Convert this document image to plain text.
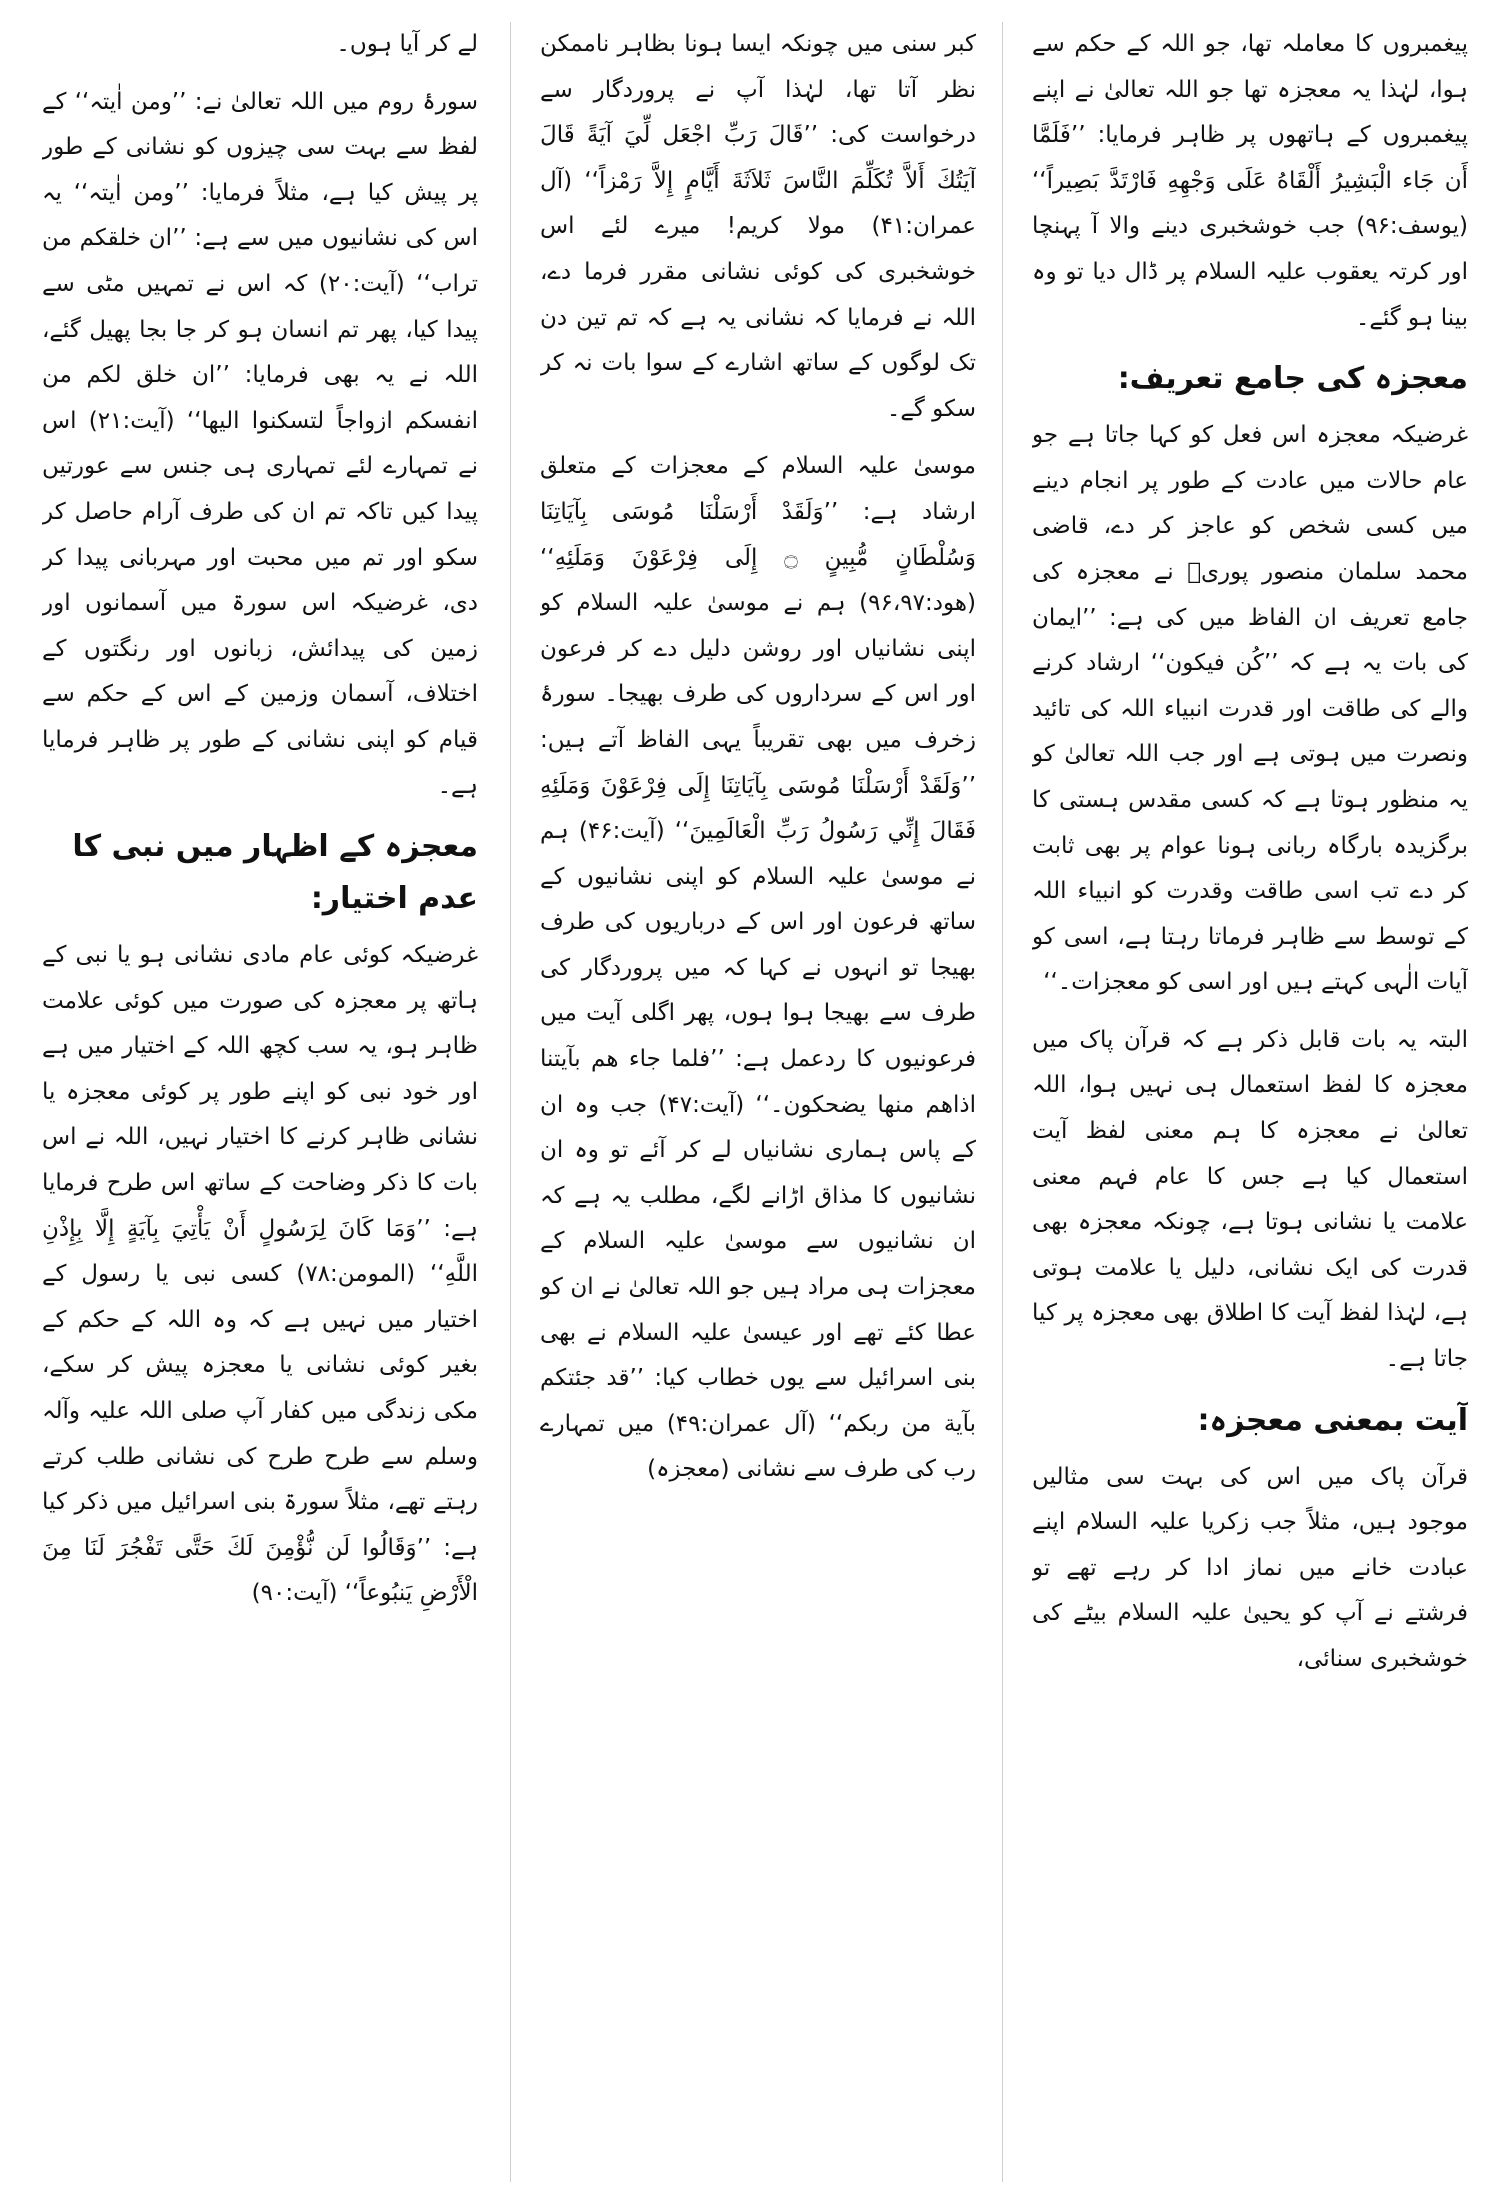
پیغمبروں کا معاملہ تھا، جو اللہ کے حکم سے ہوا، لہٰذا یہ معجزہ تھا جو اللہ تعالیٰ نے اپنے پیغمبروں کے ہاتھوں پر ظاہر فرمایا: ’’فَلَمَّا أَن جَاء الْبَشِيرُ أَلْقَاهُ عَلَى وَجْهِهِ فَارْتَدَّ بَصِيراً‘‘ (یوسف:۹۶) جب خوشخبری دینے والا آ پہنچا اور کرتہ یعقوب علیہ السلام پر ڈال دیا تو وہ بینا ہو گئے۔

معجزہ کی جامع تعریف:

غرضیکہ معجزہ اس فعل کو کہا جاتا ہے جو عام حالات میں عادت کے طور پر انجام دینے میں کسی شخص کو عاجز کر دے، قاضی محمد سلمان منصور پوریؒ نے معجزہ کی جامع تعریف ان الفاظ میں کی ہے: ’’ایمان کی بات یہ ہے کہ ’’کُن فیکون‘‘ ارشاد کرنے والے کی طاقت اور قدرت انبیاء اللہ کی تائید ونصرت میں ہوتی ہے اور جب اللہ تعالیٰ کو یہ منظور ہوتا ہے کہ کسی مقدس ہستی کا برگزیدہ بارگاہ ربانی ہونا عوام پر بھی ثابت کر دے تب اسی طاقت وقدرت کو انبیاء اللہ کے توسط سے ظاہر فرماتا رہتا ہے، اسی کو آیات الٰہی کہتے ہیں اور اسی کو معجزات۔‘‘

البتہ یہ بات قابل ذکر ہے کہ قرآن پاک میں معجزہ کا لفظ استعمال ہی نہیں ہوا، اللہ تعالیٰ نے معجزہ کا ہم معنی لفظ آیت استعمال کیا ہے جس کا عام فہم معنی علامت یا نشانی ہوتا ہے، چونکہ معجزہ بھی قدرت کی ایک نشانی، دلیل یا علامت ہوتی ہے، لہٰذا لفظ آیت کا اطلاق بھی معجزہ پر کیا جاتا ہے۔

آیت بمعنی معجزہ:

قرآن پاک میں اس کی بہت سی مثالیں موجود ہیں، مثلاً جب زکریا علیہ السلام اپنے عبادت خانے میں نماز ادا کر رہے تھے تو فرشتے نے آپ کو یحییٰ علیہ السلام بیٹے کی خوشخبری سنائی،

کبر سنی میں چونکہ ایسا ہونا بظاہر ناممکن نظر آتا تھا، لہٰذا آپ نے پروردگار سے درخواست کی: ’’قَالَ رَبِّ اجْعَل لِّيَ آيَةً قَالَ آيَتُكَ أَلاَّ تُكَلِّمَ النَّاسَ ثَلاَثَةَ أَيَّامٍ إِلاَّ رَمْزاً‘‘ (آل عمران:۴۱) مولا کریم! میرے لئے اس خوشخبری کی کوئی نشانی مقرر فرما دے، اللہ نے فرمایا کہ نشانی یہ ہے کہ تم تین دن تک لوگوں کے ساتھ اشارے کے سوا بات نہ کر سکو گے۔

موسیٰ علیہ السلام کے معجزات کے متعلق ارشاد ہے: ’’وَلَقَدْ أَرْسَلْنَا مُوسَى بِآيَاتِنَا وَسُلْطَانٍ مُّبِينٍ ۝ إِلَى فِرْعَوْنَ وَمَلَئِهِ‘‘ (هود:۹۶،۹۷) ہم نے موسیٰ علیہ السلام کو اپنی نشانیاں اور روشن دلیل دے کر فرعون اور اس کے سرداروں کی طرف بھیجا۔ سورۂ زخرف میں بھی تقریباً یہی الفاظ آتے ہیں: ’’وَلَقَدْ أَرْسَلْنَا مُوسَى بِآيَاتِنَا إِلَى فِرْعَوْنَ وَمَلَئِهِ فَقَالَ إِنِّي رَسُولُ رَبِّ الْعَالَمِينَ‘‘ (آیت:۴۶) ہم نے موسیٰ علیہ السلام کو اپنی نشانیوں کے ساتھ فرعون اور اس کے درباریوں کی طرف بھیجا تو انہوں نے کہا کہ میں پروردگار کی طرف سے بھیجا ہوا ہوں، پھر اگلی آیت میں فرعونیوں کا ردعمل ہے: ’’فلما جاء هم بآیتنا اذاهم منها یضحکون۔‘‘ (آیت:۴۷) جب وہ ان کے پاس ہماری نشانیاں لے کر آئے تو وہ ان نشانیوں کا مذاق اڑانے لگے، مطلب یہ ہے کہ ان نشانیوں سے موسیٰ علیہ السلام کے معجزات ہی مراد ہیں جو اللہ تعالیٰ نے ان کو عطا کئے تھے اور عیسیٰ علیہ السلام نے بھی بنی اسرائیل سے یوں خطاب کیا: ’’قد جئتکم بآية من ربکم‘‘ (آل عمران:۴۹) میں تمہارے رب کی طرف سے نشانی (معجزہ)

لے کر آیا ہوں۔

سورۂ روم میں اللہ تعالیٰ نے: ’’ومن اٰیتہ‘‘ کے لفظ سے بہت سی چیزوں کو نشانی کے طور پر پیش کیا ہے، مثلاً فرمایا: ’’ومن اٰیتہ‘‘ یہ اس کی نشانیوں میں سے ہے: ’’ان خلقکم من تراب‘‘ (آیت:۲۰) کہ اس نے تمہیں مٹی سے پیدا کیا، پھر تم انسان ہو کر جا بجا پھیل گئے، اللہ نے یہ بھی فرمایا: ’’ان خلق لکم من انفسکم ازواجاً لتسکنوا الیها‘‘ (آیت:۲۱) اس نے تمہارے لئے تمہاری ہی جنس سے عورتیں پیدا کیں تاکہ تم ان کی طرف آرام حاصل کر سکو اور تم میں محبت اور مہربانی پیدا کر دی، غرضیکہ اس سورۃ میں آسمانوں اور زمین کی پیدائش، زبانوں اور رنگتوں کے اختلاف، آسمان وزمین کے اس کے حکم سے قیام کو اپنی نشانی کے طور پر ظاہر فرمایا ہے۔

معجزہ کے اظہار میں نبی کا عدم اختیار:

غرضیکہ کوئی عام مادی نشانی ہو یا نبی کے ہاتھ پر معجزہ کی صورت میں کوئی علامت ظاہر ہو، یہ سب کچھ اللہ کے اختیار میں ہے اور خود نبی کو اپنے طور پر کوئی معجزہ یا نشانی ظاہر کرنے کا اختیار نہیں، اللہ نے اس بات کا ذکر وضاحت کے ساتھ اس طرح فرمایا ہے: ’’وَمَا كَانَ لِرَسُولٍ أَنْ يَأْتِيَ بِآيَةٍ إِلَّا بِإِذْنِ اللَّهِ‘‘ (المومن:۷۸) کسی نبی یا رسول کے اختیار میں نہیں ہے کہ وہ اللہ کے حکم کے بغیر کوئی نشانی یا معجزہ پیش کر سکے، مکی زندگی میں کفار آپ صلی اللہ علیہ وآلہ وسلم سے طرح طرح کی نشانی طلب کرتے رہتے تھے، مثلاً سورۃ بنی اسرائیل میں ذکر کیا ہے: ’’وَقَالُوا لَن نُّؤْمِنَ لَكَ حَتَّى تَفْجُرَ لَنَا مِنَ الْأَرْضِ يَنبُوعاً‘‘ (آیت:۹۰)
